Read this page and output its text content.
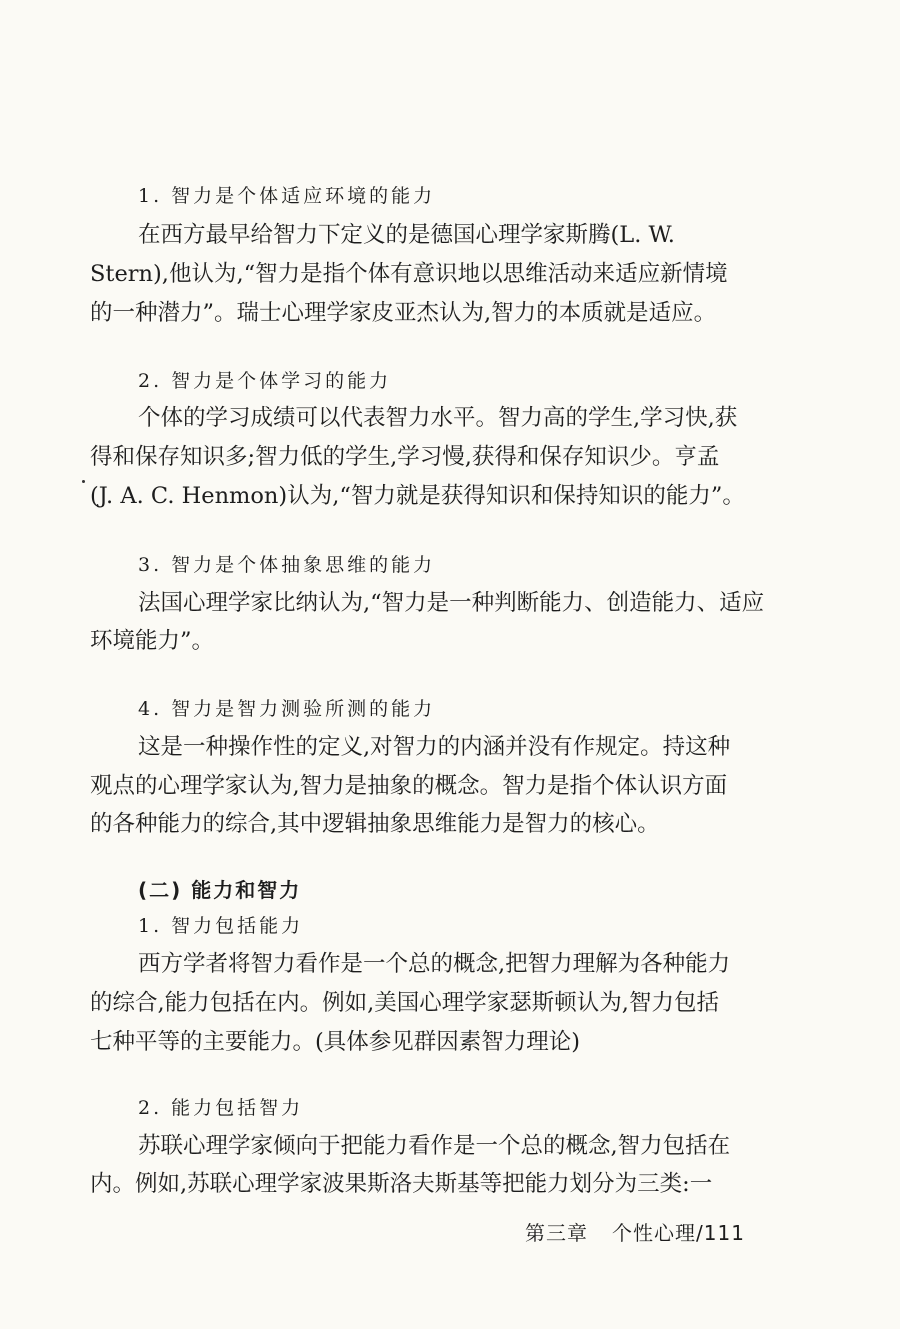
1. 智力是个体适应环境的能力
在西方最早给智力下定义的是德国心理学家斯腾(L. W.
Stern),他认为,“智力是指个体有意识地以思维活动来适应新情境
的一种潜力”。瑞士心理学家皮亚杰认为,智力的本质就是适应。
2. 智力是个体学习的能力
个体的学习成绩可以代表智力水平。智力高的学生,学习快,获
得和保存知识多;智力低的学生,学习慢,获得和保存知识少。亨孟
(J. A. C. Henmon)认为,“智力就是获得知识和保持知识的能力”。
3. 智力是个体抽象思维的能力
法国心理学家比纳认为,“智力是一种判断能力、创造能力、适应
环境能力”。
4. 智力是智力测验所测的能力
这是一种操作性的定义,对智力的内涵并没有作规定。持这种
观点的心理学家认为,智力是抽象的概念。智力是指个体认识方面
的各种能力的综合,其中逻辑抽象思维能力是智力的核心。
(二) 能力和智力
1. 智力包括能力
西方学者将智力看作是一个总的概念,把智力理解为各种能力
的综合,能力包括在内。例如,美国心理学家瑟斯顿认为,智力包括
七种平等的主要能力。(具体参见群因素智力理论)
2. 能力包括智力
苏联心理学家倾向于把能力看作是一个总的概念,智力包括在
内。例如,苏联心理学家波果斯洛夫斯基等把能力划分为三类:一
第三章 个性心理/111
